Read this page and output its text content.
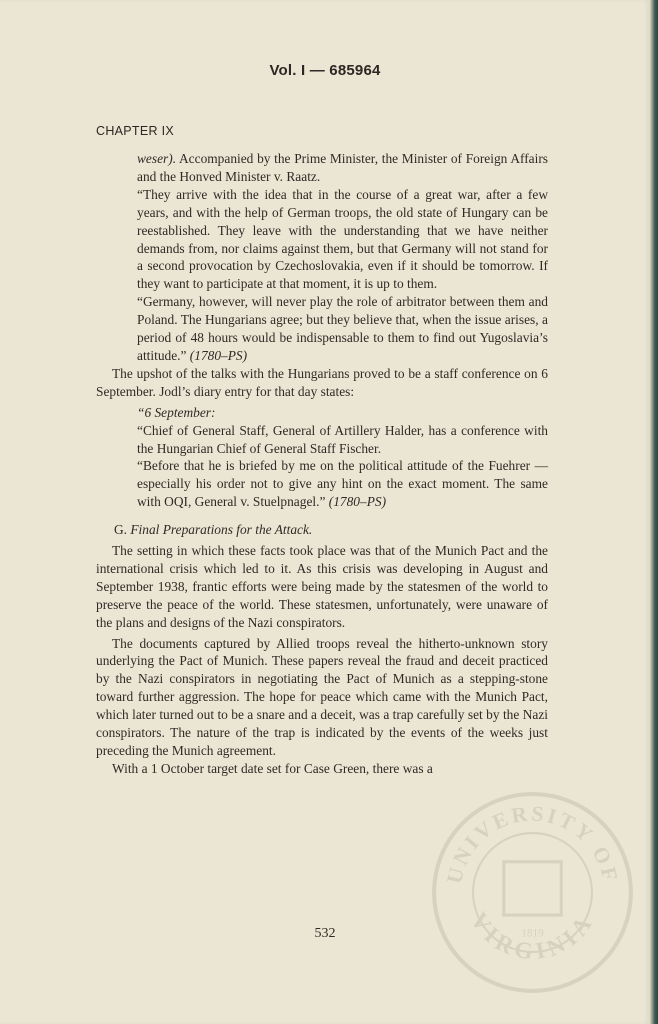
Vol. I — 685964
CHAPTER IX

weser). Accompanied by the Prime Minister, the Minister of Foreign Affairs and the Honved Minister v. Raatz.

“They arrive with the idea that in the course of a great war, after a few years, and with the help of German troops, the old state of Hungary can be reestablished. They leave with the understanding that we have neither demands from, nor claims against them, but that Germany will not stand for a second provocation by Czechoslovakia, even if it should be tomorrow. If they want to participate at that moment, it is up to them.

“Germany, however, will never play the role of arbitrator between them and Poland. The Hungarians agree; but they believe that, when the issue arises, a period of 48 hours would be indispensable to them to find out Yugoslavia’s attitude.” (1780–PS)

The upshot of the talks with the Hungarians proved to be a staff conference on 6 September. Jodl’s diary entry for that day states:

“6 September:

“Chief of General Staff, General of Artillery Halder, has a conference with the Hungarian Chief of General Staff Fischer.

“Before that he is briefed by me on the political attitude of the Fuehrer — especially his order not to give any hint on the exact moment. The same with OQI, General v. Stuelpnagel.” (1780–PS)

G. Final Preparations for the Attack.

The setting in which these facts took place was that of the Munich Pact and the international crisis which led to it. As this crisis was developing in August and September 1938, frantic efforts were being made by the statesmen of the world to preserve the peace of the world. These statesmen, unfortunately, were unaware of the plans and designs of the Nazi conspirators.

The documents captured by Allied troops reveal the hitherto-unknown story underlying the Pact of Munich. These papers reveal the fraud and deceit practiced by the Nazi conspirators in negotiating the Pact of Munich as a stepping-stone toward further aggression. The hope for peace which came with the Munich Pact, which later turned out to be a snare and a deceit, was a trap carefully set by the Nazi conspirators. The nature of the trap is indicated by the events of the weeks just preceding the Munich agreement.

With a 1 October target date set for Case Green, there was a

532
UNIVERSITY OF
VIRGINIA
1819
